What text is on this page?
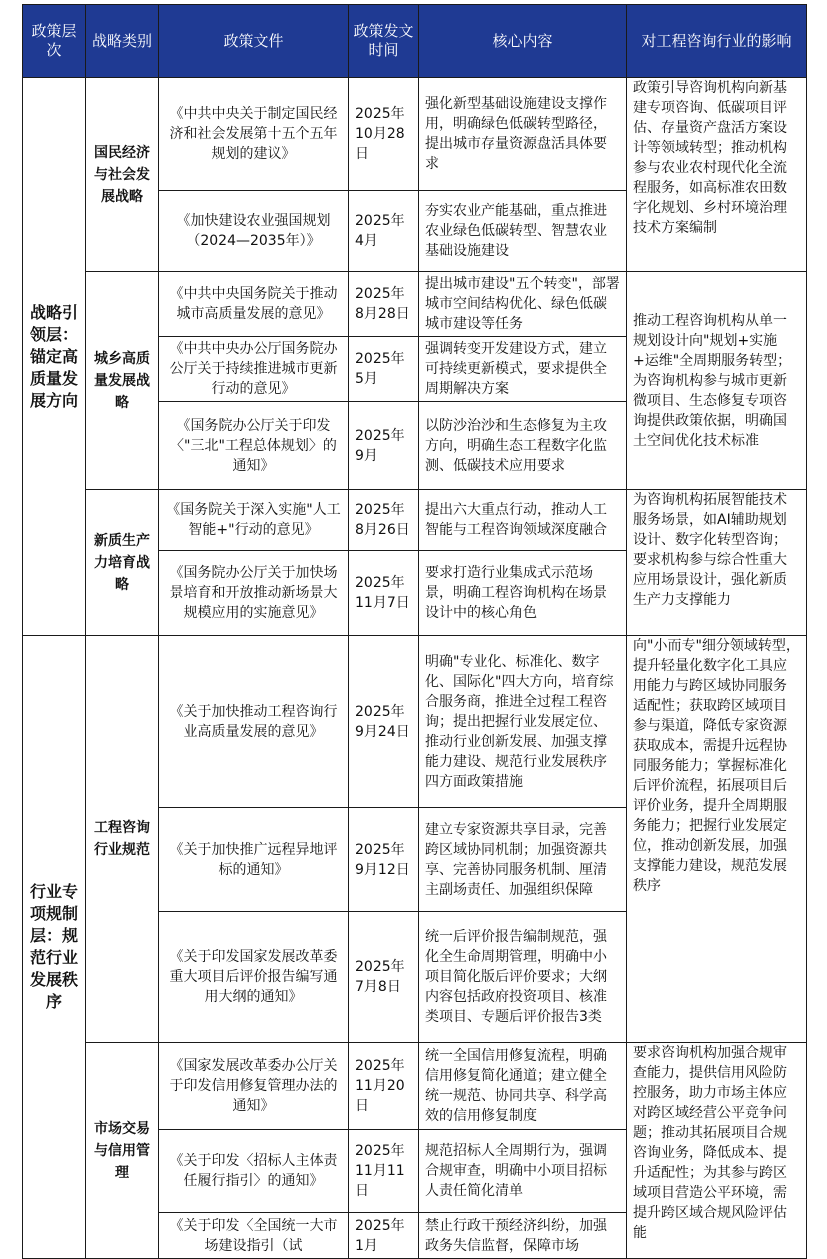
政策层次	战略类别	政策文件	政策发文时间	核心内容	对工程咨询行业的影响
战略引领层：锚定高质量发展方向	国民经济与社会发展战略	《中共中央关于制定国民经济和社会发展第十五个五年规划的建议》	2025年10月28日	强化新型基础设施建设支撑作用，明确绿色低碳转型路径，提出城市存量资源盘活具体要求	政策引导咨询机构向新基建专项咨询、低碳项目评估、存量资产盘活方案设计等领域转型；推动机构参与农业农村现代化全流程服务，如高标准农田数字化规划、乡村环境治理技术方案编制
		《加快建设农业强国规划（2024—2035年）》	2025年4月	夯实农业产能基础，重点推进农业绿色低碳转型、智慧农业基础设施建设	
	城乡高质量发展战略	《中共中央国务院关于推动城市高质量发展的意见》	2025年8月28日	提出城市建设"五个转变"，部署城市空间结构优化、绿色低碳城市建设等任务	推动工程咨询机构从单一规划设计向"规划+实施+运维"全周期服务转型；为咨询机构参与城市更新微项目、生态修复专项咨询提供政策依据，明确国土空间优化技术标准
		《中共中央办公厅国务院办公厅关于持续推进城市更新行动的意见》	2025年5月	强调转变开发建设方式，建立可持续更新模式，要求提供全周期解决方案	
		《国务院办公厅关于印发〈"三北"工程总体规划〉的通知》	2025年9月	以防沙治沙和生态修复为主攻方向，明确生态工程数字化监测、低碳技术应用要求	
	新质生产力培育战略	《国务院关于深入实施"人工智能+"行动的意见》	2025年8月26日	提出六大重点行动，推动人工智能与工程咨询领域深度融合	为咨询机构拓展智能技术服务场景，如AI辅助规划设计、数字化转型咨询；要求机构参与综合性重大应用场景设计，强化新质生产力支撑能力
		《国务院办公厅关于加快场景培育和开放推动新场景大规模应用的实施意见》	2025年11月7日	要求打造行业集成式示范场景，明确工程咨询机构在场景设计中的核心角色	
行业专项规制层：规范行业发展秩序	工程咨询行业规范	《关于加快推动工程咨询行业高质量发展的意见》	2025年9月24日	明确"专业化、标准化、数字化、国际化"四大方向，培育综合服务商，推进全过程工程咨询；提出把握行业发展定位、推动行业创新发展、加强支撑能力建设、规范行业发展秩序四方面政策措施	向"小而专"细分领域转型，提升轻量化数字化工具应用能力与跨区域协同服务适配性；获取跨区域项目参与渠道，降低专家资源获取成本，需提升远程协同服务能力；掌握标准化后评价流程，拓展项目后评价业务，提升全周期服务能力；把握行业发展定位，推动创新发展，加强支撑能力建设，规范发展秩序
		《关于加快推广远程异地评标的通知》	2025年9月12日	建立专家资源共享目录，完善跨区域协同机制；加强资源共享、完善协同服务机制、厘清主副场责任、加强组织保障	
		《关于印发国家发展改革委重大项目后评价报告编写通用大纲的通知》	2025年7月8日	统一后评价报告编制规范，强化全生命周期管理，明确中小项目简化版后评价要求；大纲内容包括政府投资项目、核准类项目、专题后评价报告3类	
	市场交易与信用管理	《国家发展改革委办公厅关于印发信用修复管理办法的通知》	2025年11月20日	统一全国信用修复流程，明确信用修复简化通道；建立健全统一规范、协同共享、科学高效的信用修复制度	要求咨询机构加强合规审查能力，提供信用风险防控服务，助力市场主体应对跨区域经营公平竞争问题；推动其拓展项目合规咨询业务，降低成本、提升适配性；为其参与跨区域项目营造公平环境，需提升跨区域合规风险评估能
		《关于印发〈招标人主体责任履行指引〉的通知》	2025年11月11日	规范招标人全周期行为，强调合规审查，明确中小项目招标人责任简化清单	
		《关于印发〈全国统一大市场建设指引（试	2025年1月	禁止行政干预经济纠纷，加强政务失信监督，保障市场	
